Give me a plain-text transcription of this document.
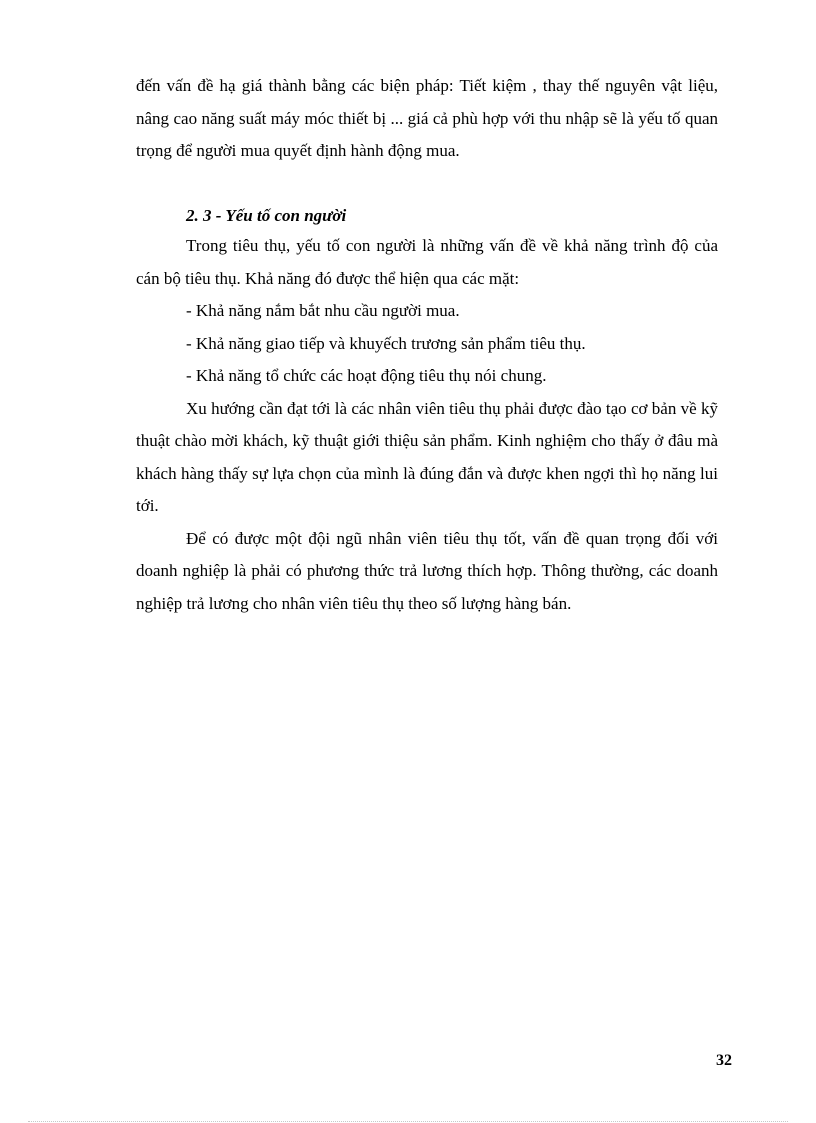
đến vấn đề hạ giá thành bằng các biện pháp: Tiết kiệm , thay thế nguyên vật liệu, nâng cao năng suất máy móc thiết bị ... giá cả phù hợp với thu nhập sẽ là yếu tố quan trọng để người mua quyết định hành động mua.

2. 3 - Yếu tố con người

Trong tiêu thụ, yếu tố con người là những vấn đề về khả năng trình độ của cán bộ tiêu thụ. Khả năng đó được thể hiện qua các mặt:

- Khả năng nắm bắt nhu cầu người mua.

- Khả năng giao tiếp và khuyếch trương sản phẩm tiêu thụ.

- Khả năng tổ chức các hoạt động tiêu thụ nói chung.

Xu hướng cần đạt tới là các nhân viên tiêu thụ phải được đào tạo cơ bản về kỹ thuật chào mời khách, kỹ thuật giới thiệu sản phẩm. Kinh nghiệm cho thấy ở đâu mà khách hàng thấy sự lựa chọn của mình là đúng đắn và được khen ngợi thì họ năng lui tới.

Để có được một đội ngũ nhân viên tiêu thụ tốt, vấn đề quan trọng đối với doanh nghiệp là phải có phương thức trả lương thích hợp. Thông thường, các doanh nghiệp trả lương cho nhân viên tiêu thụ theo số lượng hàng bán.

32
